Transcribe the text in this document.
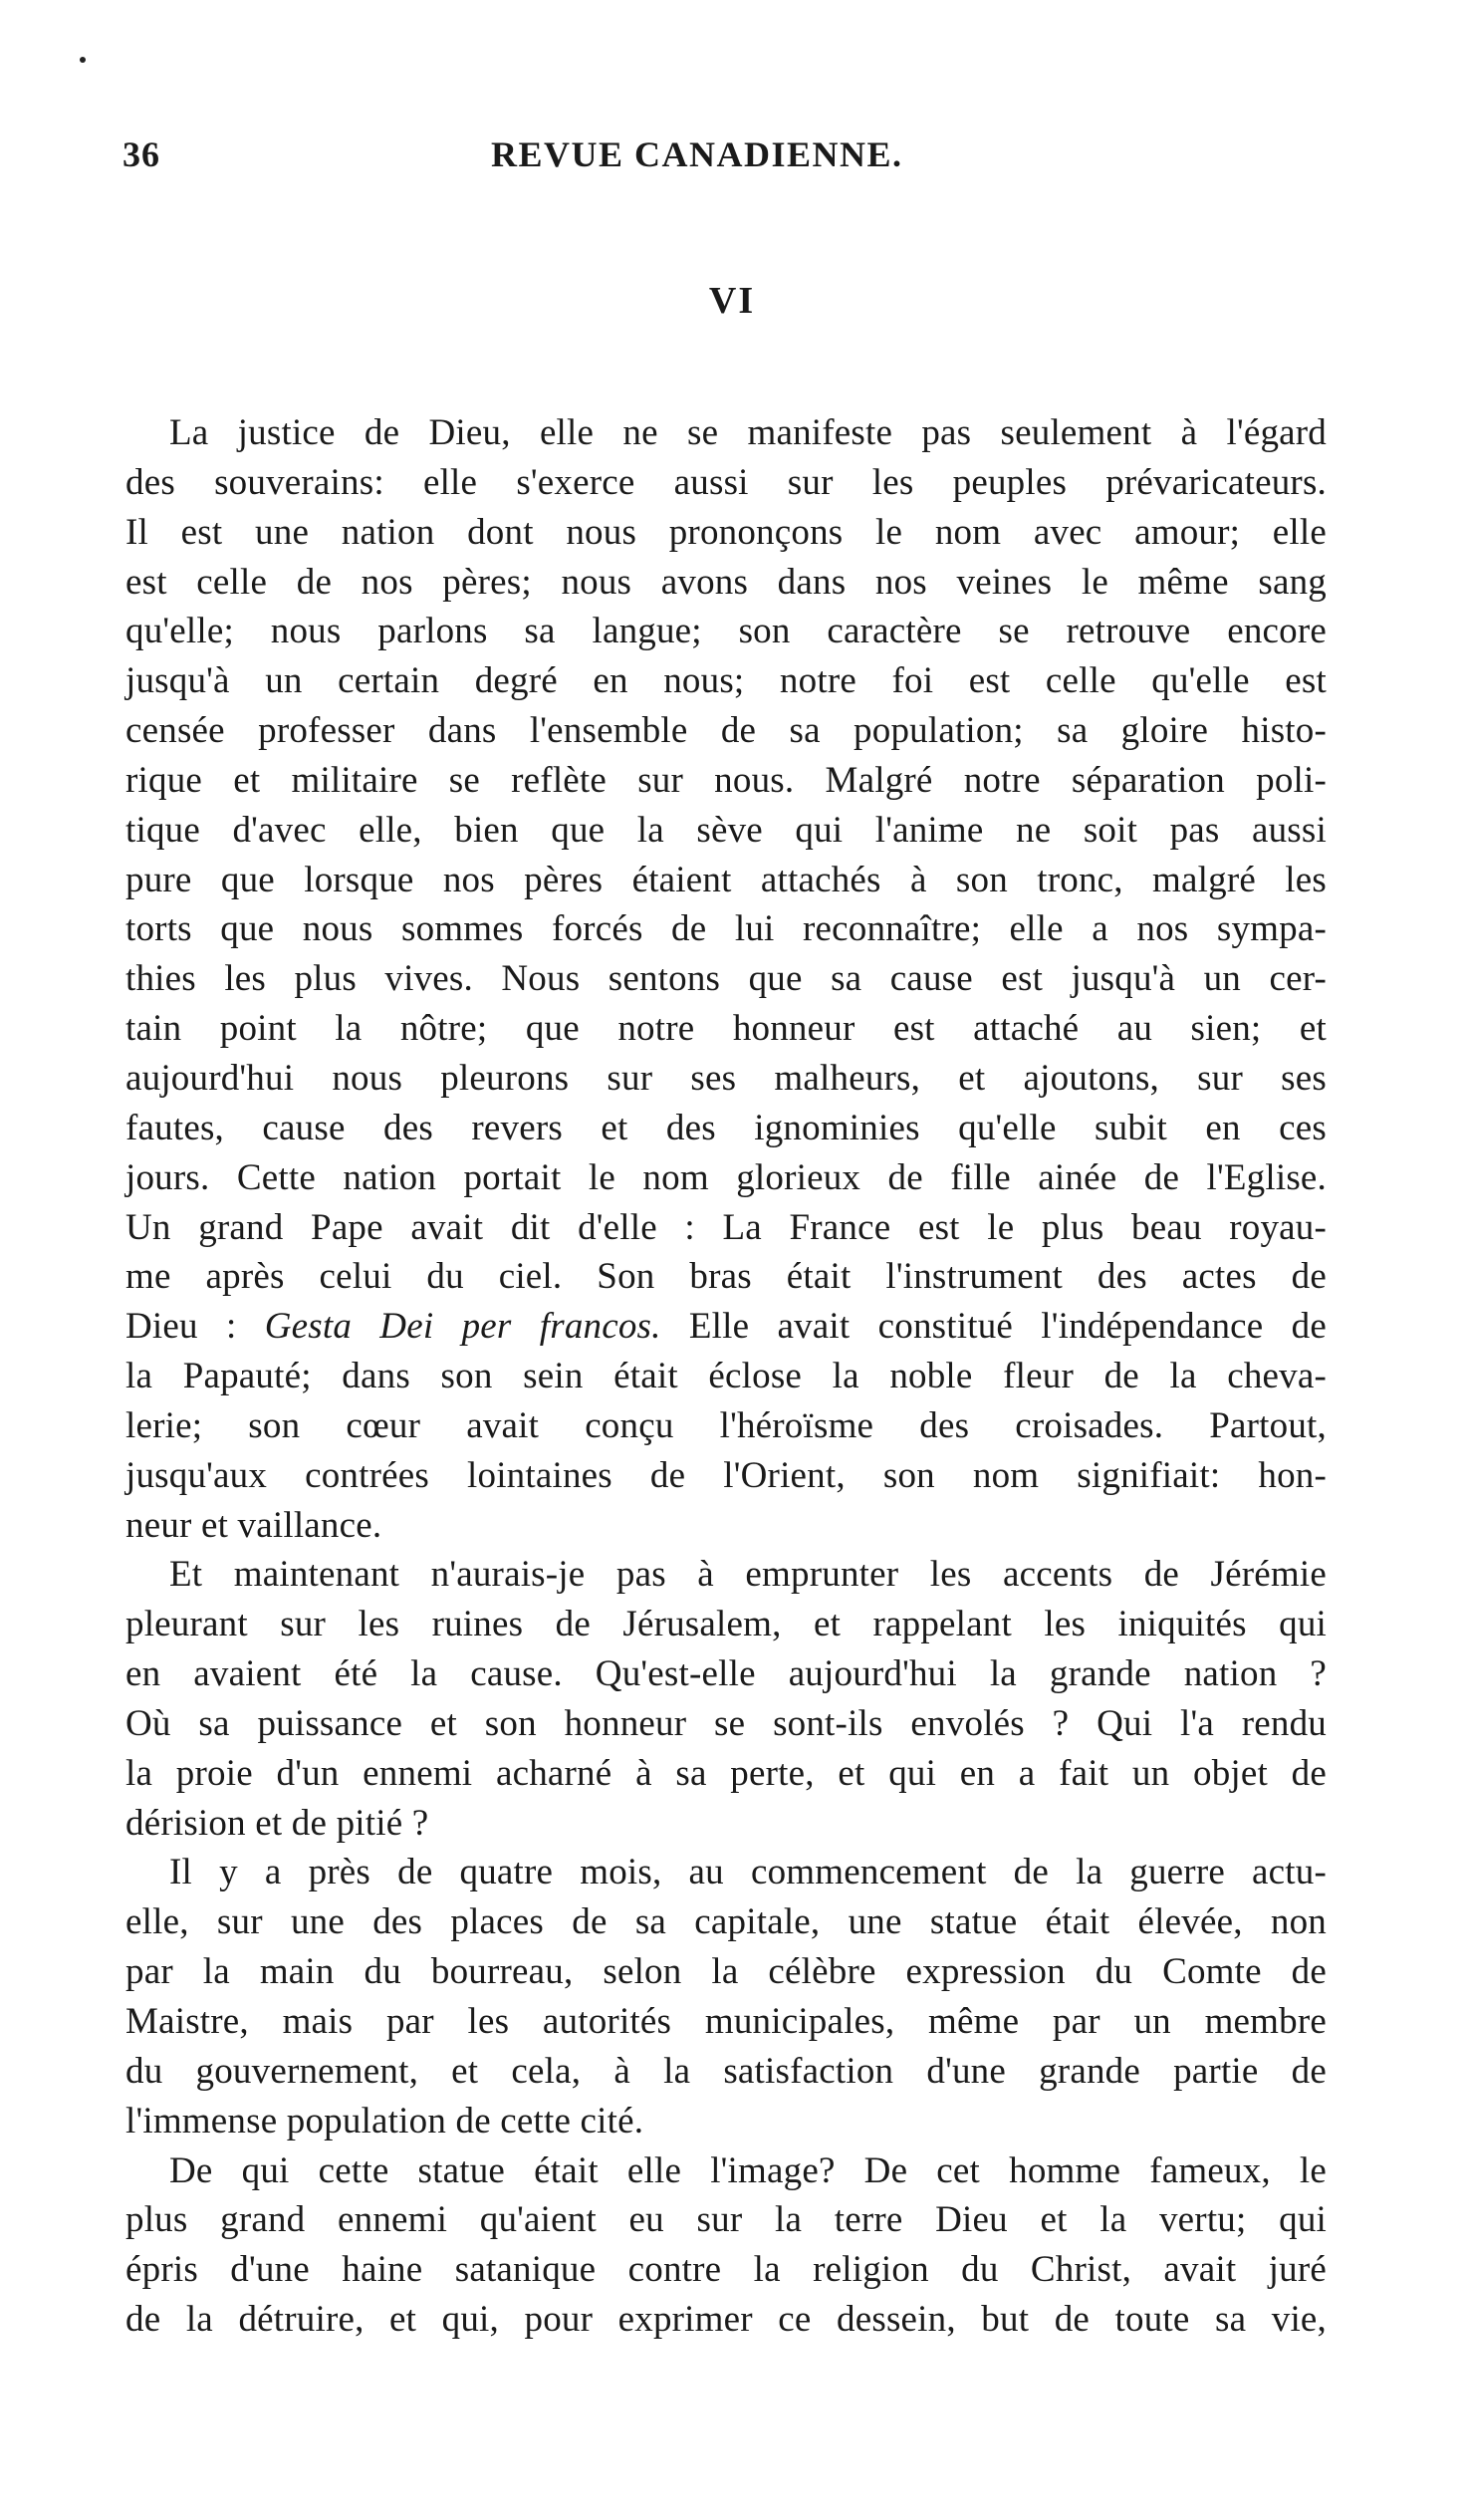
36	REVUE CANADIENNE.
VI
La justice de Dieu, elle ne se manifeste pas seulement à l'égard
des souverains: elle s'exerce aussi sur les peuples prévaricateurs.
Il est une nation dont nous prononçons le nom avec amour; elle
est celle de nos pères; nous avons dans nos veines le même sang
qu'elle; nous parlons sa langue; son caractère se retrouve encore
jusqu'à un certain degré en nous; notre foi est celle qu'elle est
censée professer dans l'ensemble de sa population; sa gloire histo-
rique et militaire se reflète sur nous. Malgré notre séparation poli-
tique d'avec elle, bien que la sève qui l'anime ne soit pas aussi
pure que lorsque nos pères étaient attachés à son tronc, malgré les
torts que nous sommes forcés de lui reconnaître; elle a nos sympa-
thies les plus vives. Nous sentons que sa cause est jusqu'à un cer-
tain point la nôtre; que notre honneur est attaché au sien; et
aujourd'hui nous pleurons sur ses malheurs, et ajoutons, sur ses
fautes, cause des revers et des ignominies qu'elle subit en ces
jours. Cette nation portait le nom glorieux de fille ainée de l'Eglise.
Un grand Pape avait dit d'elle : La France est le plus beau royau-
me après celui du ciel. Son bras était l'instrument des actes de
Dieu : Gesta Dei per francos. Elle avait constitué l'indépendance de
la Papauté; dans son sein était éclose la noble fleur de la cheva-
lerie; son cœur avait conçu l'héroïsme des croisades. Partout,
jusqu'aux contrées lointaines de l'Orient, son nom signifiait: hon-
neur et vaillance.
Et maintenant n'aurais-je pas à emprunter les accents de Jérémie
pleurant sur les ruines de Jérusalem, et rappelant les iniquités qui
en avaient été la cause. Qu'est-elle aujourd'hui la grande nation ?
Où sa puissance et son honneur se sont-ils envolés ? Qui l'a rendu
la proie d'un ennemi acharné à sa perte, et qui en a fait un objet de
dérision et de pitié ?
Il y a près de quatre mois, au commencement de la guerre actu-
elle, sur une des places de sa capitale, une statue était élevée, non
par la main du bourreau, selon la célèbre expression du Comte de
Maistre, mais par les autorités municipales, même par un membre
du gouvernement, et cela, à la satisfaction d'une grande partie de
l'immense population de cette cité.
De qui cette statue était elle l'image? De cet homme fameux, le
plus grand ennemi qu'aient eu sur la terre Dieu et la vertu; qui
épris d'une haine satanique contre la religion du Christ, avait juré
de la détruire, et qui, pour exprimer ce dessein, but de toute sa vie,
